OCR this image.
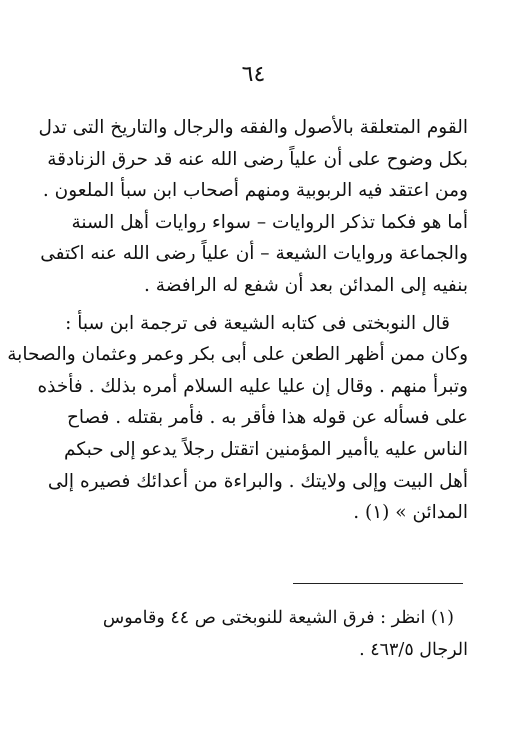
٦٤
القوم المتعلقة بالأصول والفقه والرجال والتاريخ التى تدل
بكل وضوح على أن علياً رضى الله عنه قد حرق الزنادقة
ومن اعتقد فيه الربوبية ومنهم أصحاب ابن سبأ الملعون .
أما هو فكما تذكر الروايات – سواء روايات أهل السنة
والجماعة وروايات الشيعة – أن علياً رضى الله عنه اكتفى
بنفيه إلى المدائن بعد أن شفع له الرافضة .
قال النوبختى فى كتابه الشيعة فى ترجمة ابن سبأ :
وكان ممن أظهر الطعن على أبى بكر وعمر وعثمان والصحابة
وتبرأ منهم . وقال إن عليا عليه السلام أمره بذلك . فأخذه
على فسأله عن قوله هذا فأقر به . فأمر بقتله . فصاح
الناس عليه ياأمير المؤمنين اتقتل رجلاً يدعو إلى حبكم
أهل البيت وإلى ولايتك . والبراءة من أعدائك فصيره إلى
المدائن » (١) .
(١) انظر : فرق الشيعة للنوبختى ص ٤٤ وقاموس
الرجال ٤٦٣/٥ .
